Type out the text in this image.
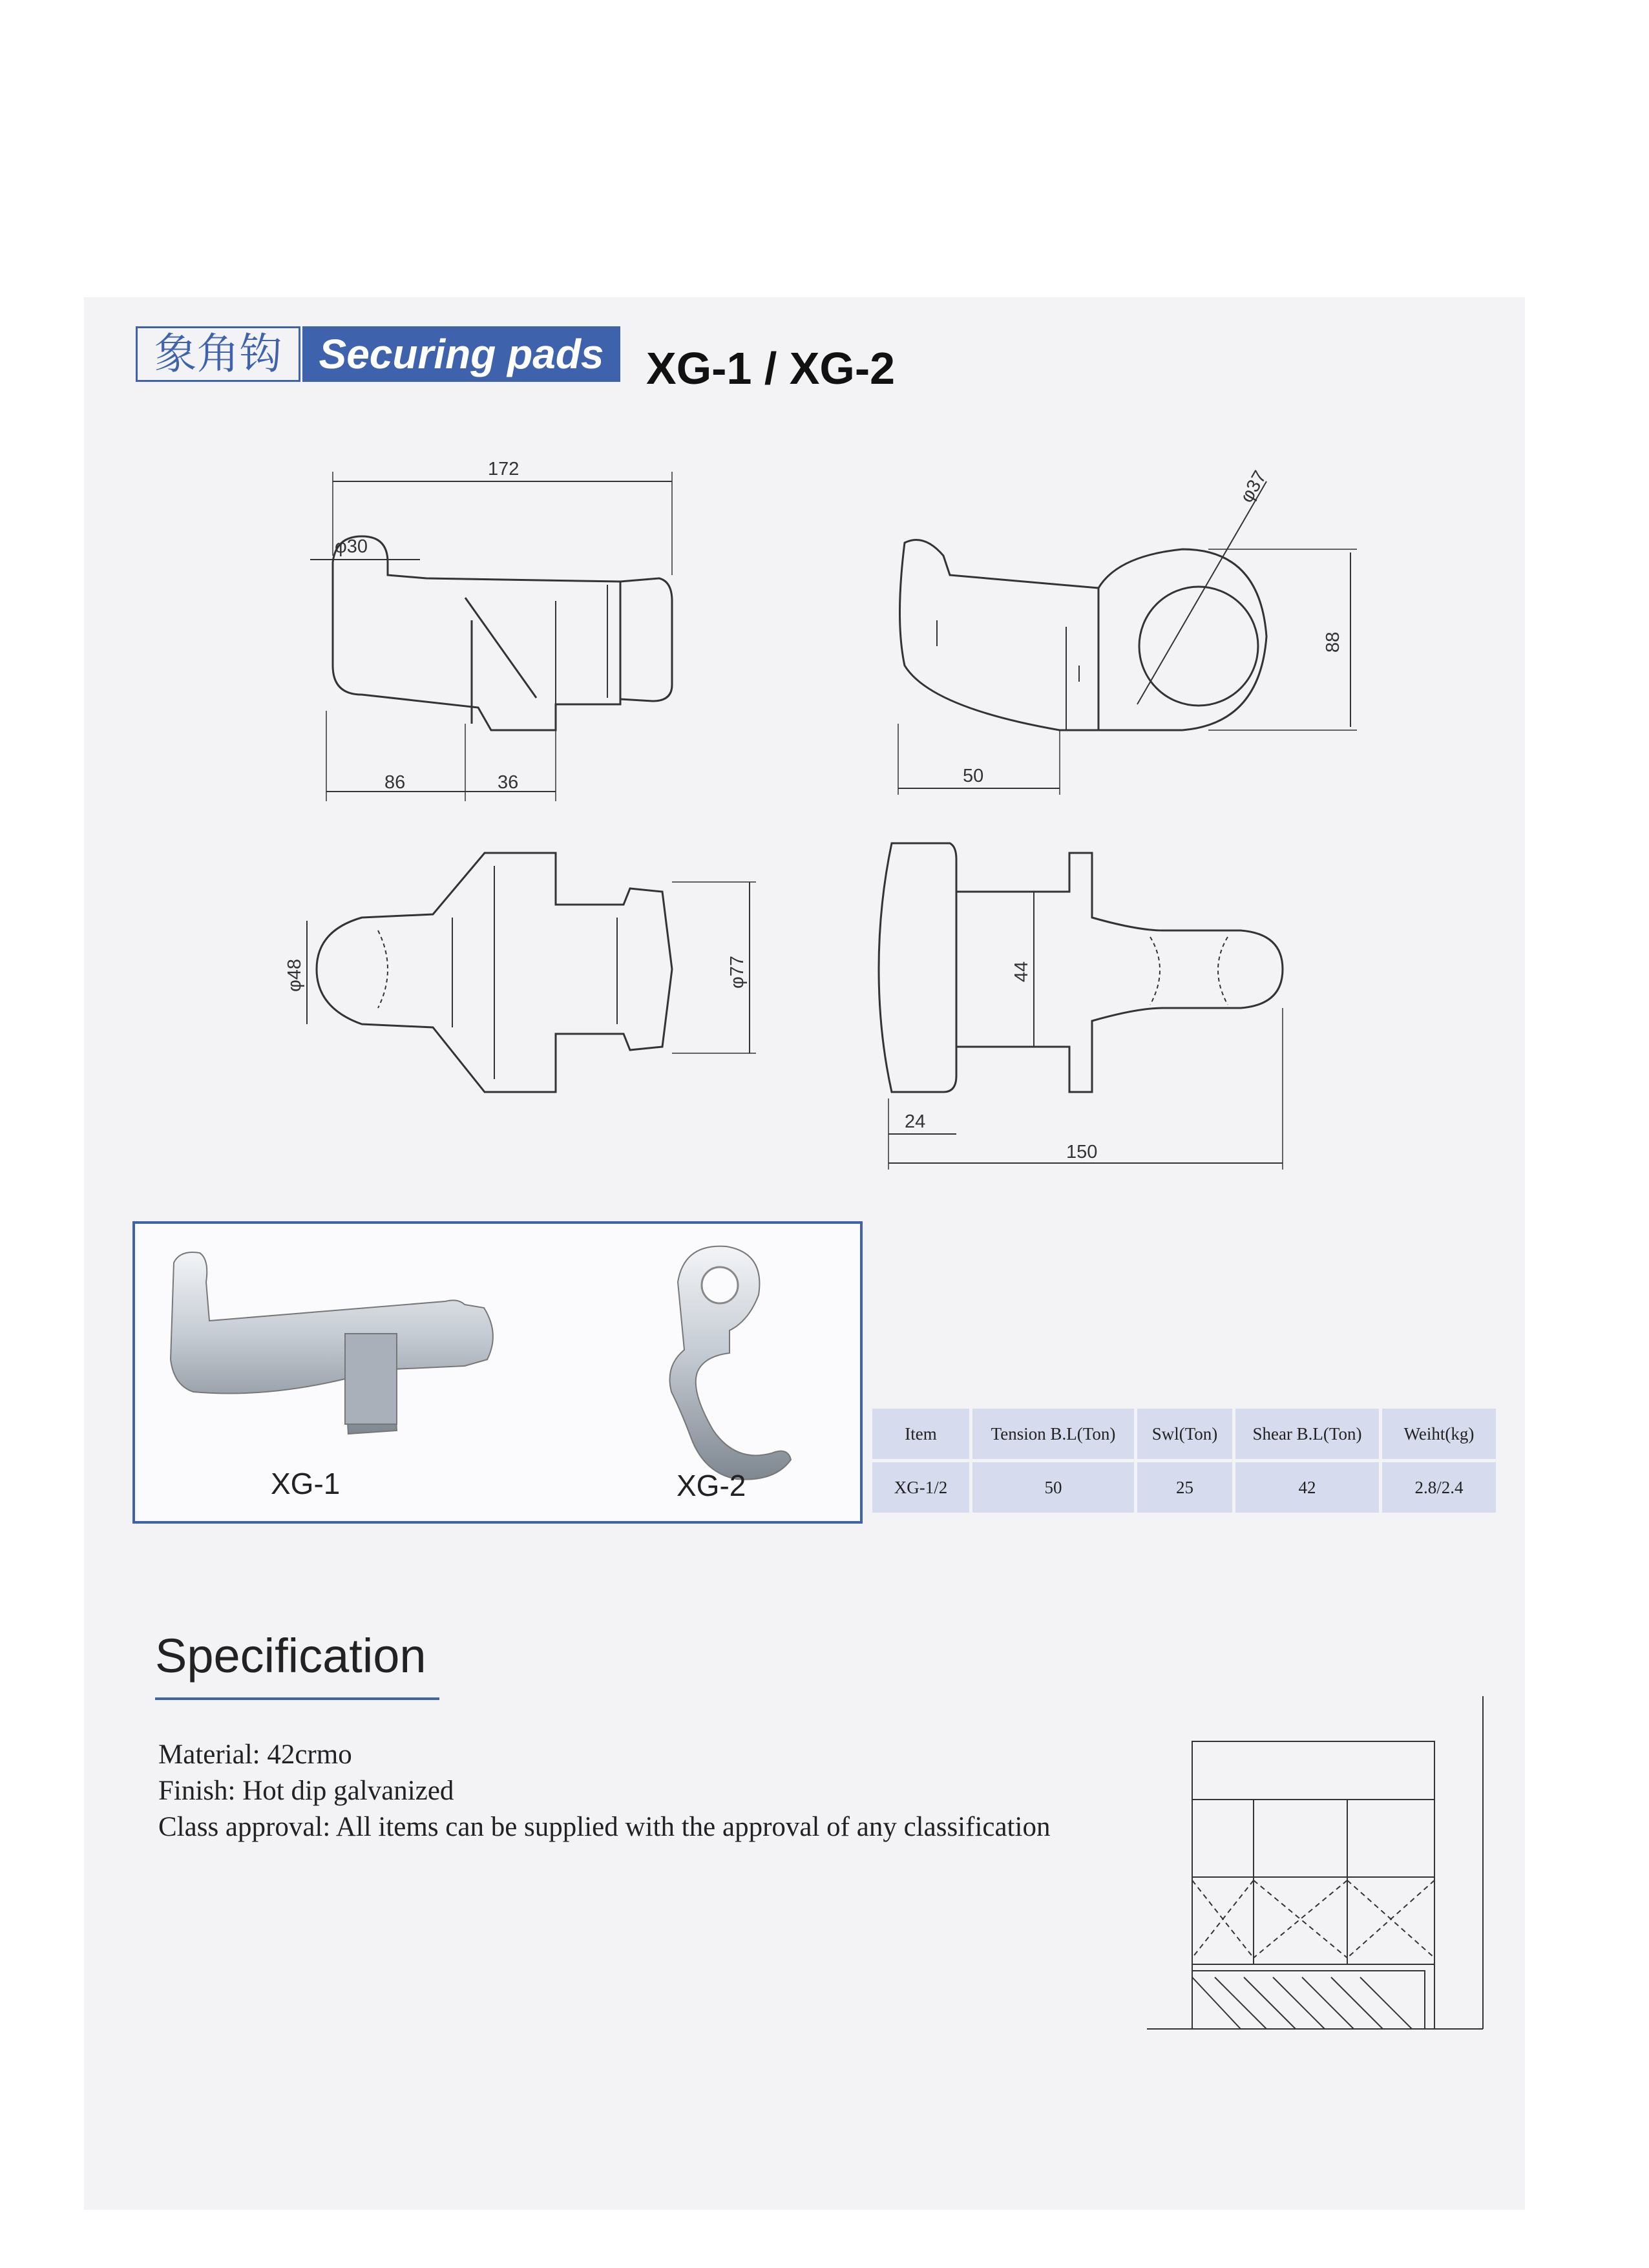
象角钩 Securing pads XG-1 / XG-2
172
φ30
86	36
φ37
88
50
φ48	φ77	44
24
150
XG-1	XG-2
Item	Tension B.L(Ton)	Swl(Ton)	Shear B.L(Ton)	Weiht(kg)
XG-1/2	50	25	42	2.8/2.4
Specification
Material: 42crmo
Finish: Hot dip galvanized
Class approval: All items can be supplied with the approval of any classification
